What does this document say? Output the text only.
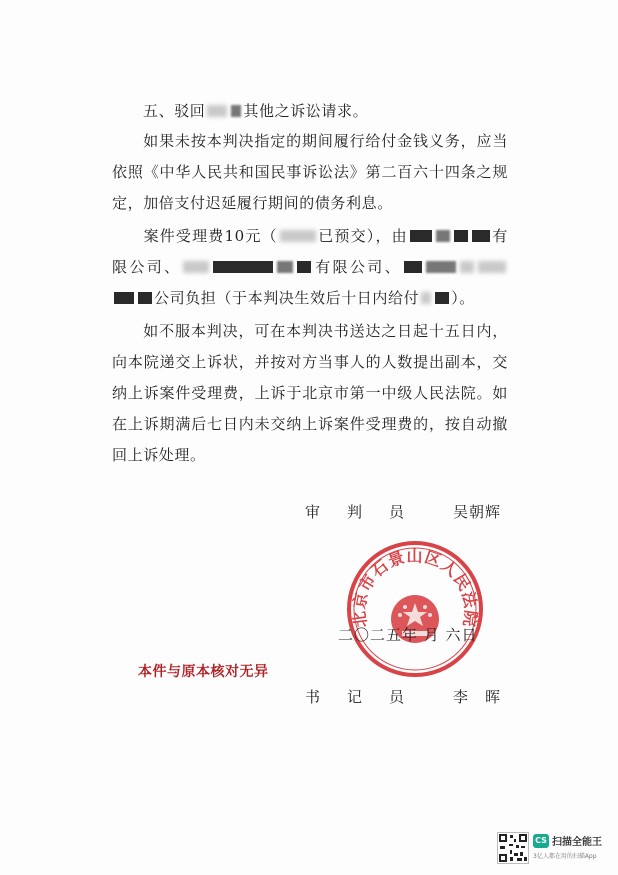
五、驳回	其他之诉讼请求。
如果未按本判决指定的期间履行给付金钱义务，应当依照《中华人民共和国民事诉讼法》第二百六十四条之规定，加倍支付迟延履行期间的债务利息。
案件受理费10元（	已预交），由	有限公司、	有限公司、公司负担（于本判决生效后十日内给付 ）。
如不服本判决，可在本判决书送达之日起十五日内，向本院递交上诉状，并按对方当事人的人数提出副本，交纳上诉案件受理费，上诉于北京市第一中级人民法院。如在上诉期满后七日内未交纳上诉案件受理费的，按自动撤回上诉处理。
审 判 员	吴朝辉
北京市石景山区人民法院
二〇二五年 月 六日
本件与原本核对无异
书 记 员	李　晖
CS 扫描全能王
3亿人都在用的扫描App
